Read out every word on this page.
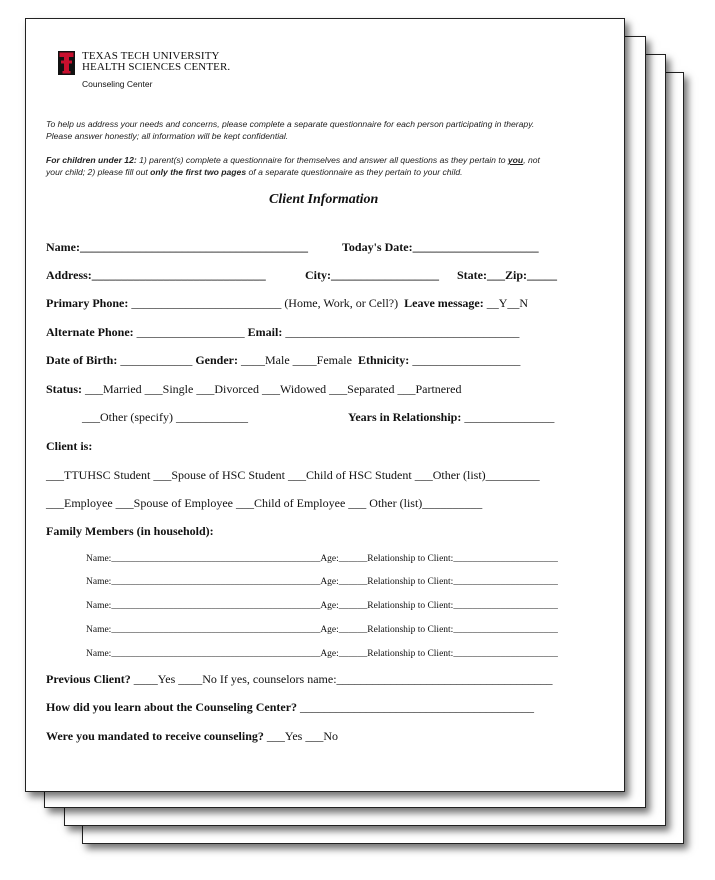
TEXAS TECH UNIVERSITY
HEALTH SCIENCES CENTER.
Counseling Center
To help us address your needs and concerns, please complete a separate questionnaire for each person participating in therapy.
Please answer honestly; all information will be kept confidential.
For children under 12: 1) parent(s) complete a questionnaire for themselves and answer all questions as they pertain to you, not
your child; 2) please fill out only the first two pages of a separate questionnaire as they pertain to your child.
Client Information
Name:______________________________________	Today's Date:_____________________
Address:_____________________________	City:__________________ State:___ Zip:_____
Primary Phone: _________________________ (Home, Work, or Cell?) Leave message: __Y__N
Alternate Phone: __________________ Email: _______________________________________
Date of Birth: ____________ Gender: ____Male ____Female Ethnicity: __________________
Status: ___Married ___Single ___Divorced ___Widowed ___Separated ___Partnered
___Other (specify) ____________	Years in Relationship: _______________
Client is:
___TTUHSC Student ___Spouse of HSC Student ___Child of HSC Student ___Other (list)_________
___Employee ___Spouse of Employee ___Child of Employee ___ Other (list)__________
Family Members (in household):
Name:____________________________________________Age:______Relationship to Client:______________________
Name:____________________________________________Age:______Relationship to Client:______________________
Name:____________________________________________Age:______Relationship to Client:______________________
Name:____________________________________________Age:______Relationship to Client:______________________
Name:____________________________________________Age:______Relationship to Client:______________________
Previous Client? ____Yes ____No If yes, counselors name:____________________________________
How did you learn about the Counseling Center? _______________________________________
Were you mandated to receive counseling? ___Yes ___No
